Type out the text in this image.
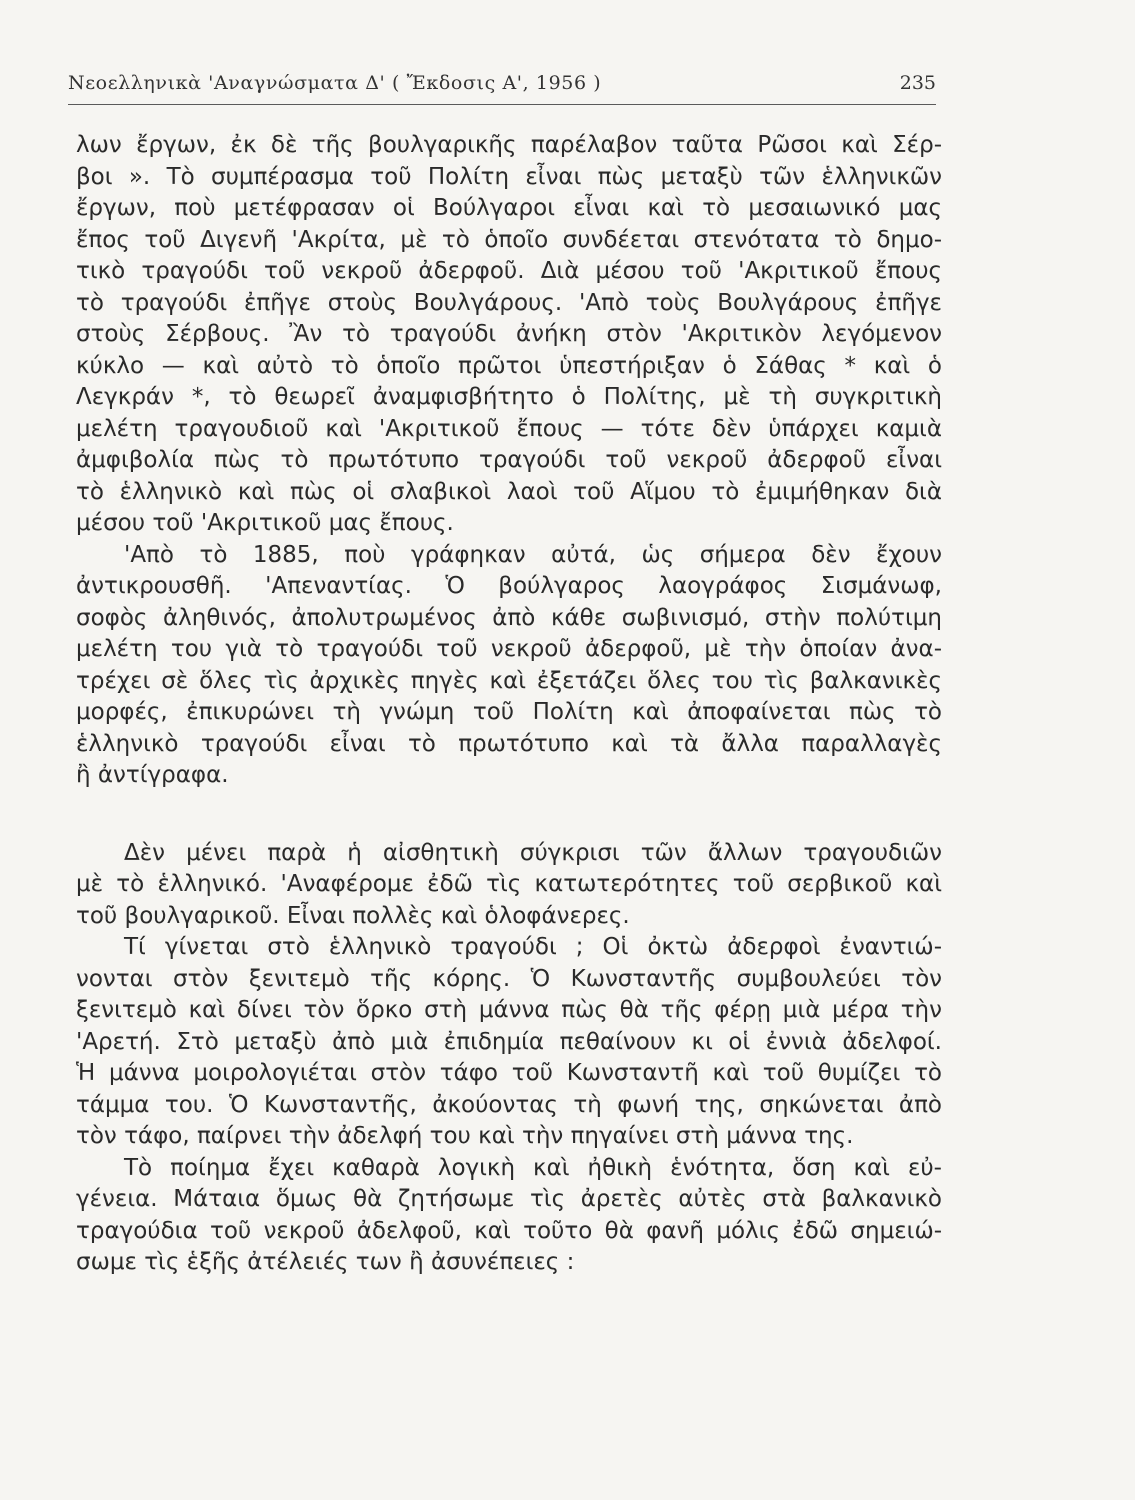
Νεοελληνικὰ 'Αναγνώσματα Δ' ( Ἔκδοσις Α', 1956 )	235
λων ἔργων, ἐκ δὲ τῆς βουλγαρικῆς παρέλαβον ταῦτα Ρῶσοι καὶ Σέρ-
βοι ». Τὸ συμπέρασμα τοῦ Πολίτη εἶναι πὼς μεταξὺ τῶν ἑλληνικῶν
ἔργων, ποὺ μετέφρασαν οἱ Βούλγαροι εἶναι καὶ τὸ μεσαιωνικό μας
ἔπος τοῦ Διγενῆ 'Ακρίτα, μὲ τὸ ὁποῖο συνδέεται στενότατα τὸ δημο-
τικὸ τραγούδι τοῦ νεκροῦ ἀδερφοῦ. Διὰ μέσου τοῦ 'Ακριτικοῦ ἔπους
τὸ τραγούδι ἐπῆγε στοὺς Βουλγάρους. 'Απὸ τοὺς Βουλγάρους ἐπῆγε
στοὺς Σέρβους. Ἂν τὸ τραγούδι ἀνήκη στὸν 'Ακριτικὸν λεγόμενον
κύκλο — καὶ αὐτὸ τὸ ὁποῖο πρῶτοι ὑπεστήριξαν ὁ Σάθας * καὶ ὁ
Λεγκράν *, τὸ θεωρεῖ ἀναμφισβήτητο ὁ Πολίτης, μὲ τὴ συγκριτικὴ
μελέτη τραγουδιοῦ καὶ 'Ακριτικοῦ ἔπους — τότε δὲν ὑπάρχει καμιὰ
ἀμφιβολία πὼς τὸ πρωτότυπο τραγούδι τοῦ νεκροῦ ἀδερφοῦ εἶναι
τὸ ἑλληνικὸ καὶ πὼς οἱ σλαβικοὶ λαοὶ τοῦ Αἵμου τὸ ἐμιμήθηκαν διὰ
μέσου τοῦ 'Ακριτικοῦ μας ἔπους.
'Απὸ τὸ 1885, ποὺ γράφηκαν αὐτά, ὡς σήμερα δὲν ἔχουν
ἀντικρουσθῆ. 'Απεναντίας. Ὁ βούλγαρος λαογράφος Σισμάνωφ,
σοφὸς ἀληθινός, ἀπολυτρωμένος ἀπὸ κάθε σωβινισμό, στὴν πολύτιμη
μελέτη του γιὰ τὸ τραγούδι τοῦ νεκροῦ ἀδερφοῦ, μὲ τὴν ὁποίαν ἀνα-
τρέχει σὲ ὅλες τὶς ἀρχικὲς πηγὲς καὶ ἐξετάζει ὅλες του τὶς βαλκανικὲς
μορφές, ἐπικυρώνει τὴ γνώμη τοῦ Πολίτη καὶ ἀποφαίνεται πὼς τὸ
ἑλληνικὸ τραγούδι εἶναι τὸ πρωτότυπο καὶ τὰ ἄλλα παραλλαγὲς
ἢ ἀντίγραφα.
Δὲν μένει παρὰ ἡ αἰσθητικὴ σύγκρισι τῶν ἄλλων τραγουδιῶν
μὲ τὸ ἑλληνικό. 'Αναφέρομε ἐδῶ τὶς κατωτερότητες τοῦ σερβικοῦ καὶ
τοῦ βουλγαρικοῦ. Εἶναι πολλὲς καὶ ὁλοφάνερες.
Τί γίνεται στὸ ἑλληνικὸ τραγούδι ; Οἱ ὀκτὼ ἀδερφοὶ ἐναντιώ-
νονται στὸν ξενιτεμὸ τῆς κόρης. Ὁ Κωνσταντῆς συμβουλεύει τὸν
ξενιτεμὸ καὶ δίνει τὸν ὅρκο στὴ μάννα πὼς θὰ τῆς φέρῃ μιὰ μέρα τὴν
'Αρετή. Στὸ μεταξὺ ἀπὸ μιὰ ἐπιδημία πεθαίνουν κι οἱ ἐννιὰ ἀδελφοί.
Ἡ μάννα μοιρολογιέται στὸν τάφο τοῦ Κωνσταντῆ καὶ τοῦ θυμίζει τὸ
τάμμα του. Ὁ Κωνσταντῆς, ἀκούοντας τὴ φωνή της, σηκώνεται ἀπὸ
τὸν τάφο, παίρνει τὴν ἀδελφή του καὶ τὴν πηγαίνει στὴ μάννα της.
Τὸ ποίημα ἔχει καθαρὰ λογικὴ καὶ ἠθικὴ ἑνότητα, ὅση καὶ εὐ-
γένεια. Μάταια ὅμως θὰ ζητήσωμε τὶς ἀρετὲς αὐτὲς στὰ βαλκανικὸ
τραγούδια τοῦ νεκροῦ ἀδελφοῦ, καὶ τοῦτο θὰ φανῆ μόλις ἐδῶ σημειώ-
σωμε τὶς ἑξῆς ἀτέλειές των ἢ ἀσυνέπειες :
